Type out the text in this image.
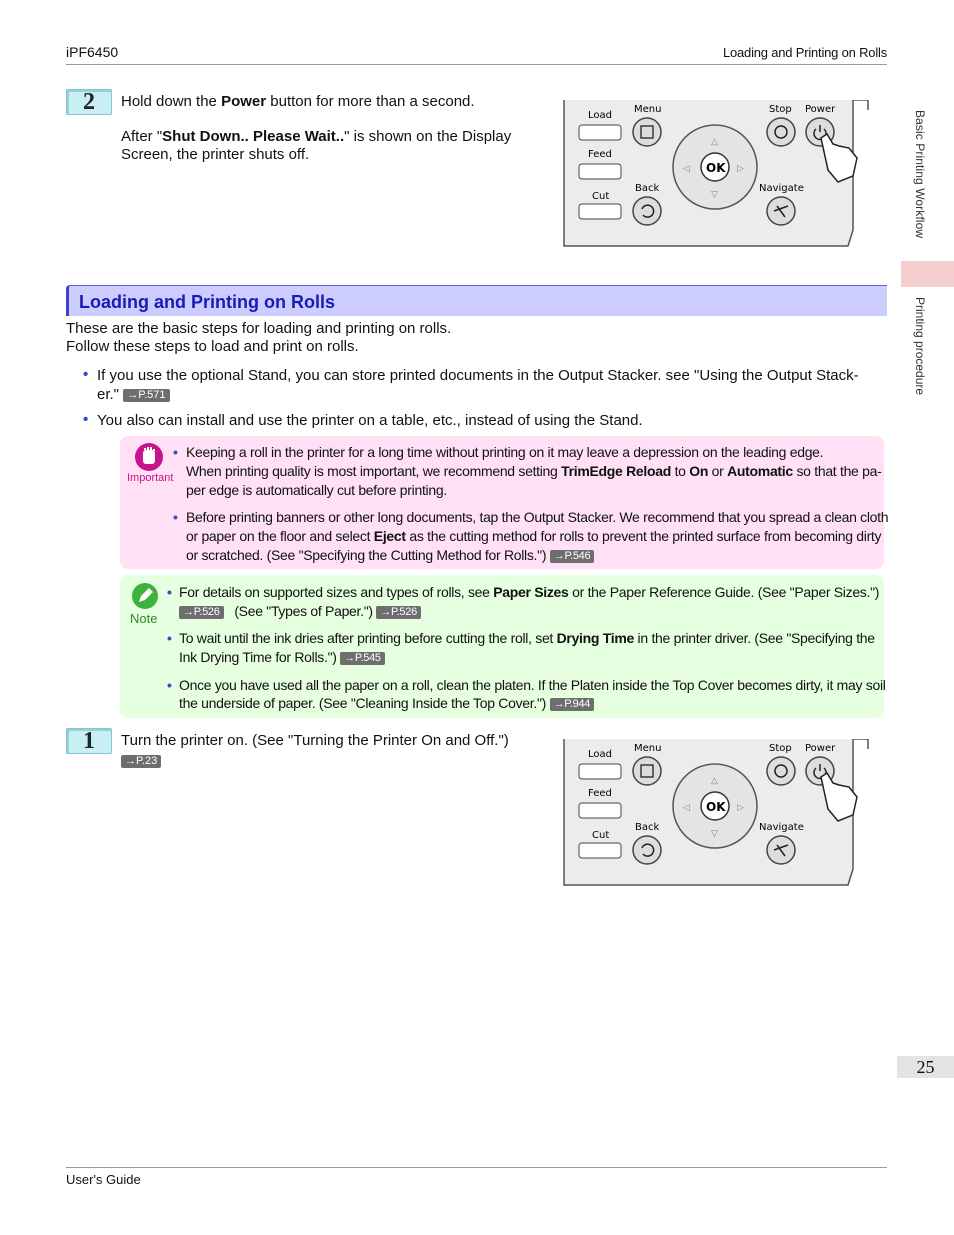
iPF6450	Loading and Printing on Rolls
Basic Printing Workflow
Printing procedure
25
User's Guide
2	Hold down the Power button for more than a second.
After "Shut Down.. Please Wait.." is shown on the Display
Screen, the printer shuts off.
Load
Feed
Cut
Menu
Back
OK
△
▽
◁	▷
Stop Power
Navigate
Loading and Printing on Rolls
These are the basic steps for loading and printing on rolls.
Follow these steps to load and print on rolls.
• If you use the optional Stand, you can store printed documents in the Output Stacker. see "Using the Output Stack-
er." →P.571
• You also can install and use the printer on a table, etc., instead of using the Stand.
Important
• Keeping a roll in the printer for a long time without printing on it may leave a depression on the leading edge.
When printing quality is most important, we recommend setting TrimEdge Reload to On or Automatic so that the pa-
per edge is automatically cut before printing.
• Before printing banners or other long documents, tap the Output Stacker. We recommend that you spread a clean cloth
or paper on the floor and select Eject as the cutting method for rolls to prevent the printed surface from becoming dirty
or scratched. (See "Specifying the Cutting Method for Rolls.") →P.546
Note
• For details on supported sizes and types of rolls, see Paper Sizes or the Paper Reference Guide. (See "Paper Sizes.")
→P.526 (See "Types of Paper.") →P.526
• To wait until the ink dries after printing before cutting the roll, set Drying Time in the printer driver. (See "Specifying the
Ink Drying Time for Rolls.") →P.545
• Once you have used all the paper on a roll, clean the platen. If the Platen inside the Top Cover becomes dirty, it may soil
the underside of paper. (See "Cleaning Inside the Top Cover.") →P.944
1	Turn the printer on. (See "Turning the Printer On and Off.")
→P.23
Load
Feed
Cut
Menu
Back
OK
△
▽
◁	▷
Stop Power
Navigate
